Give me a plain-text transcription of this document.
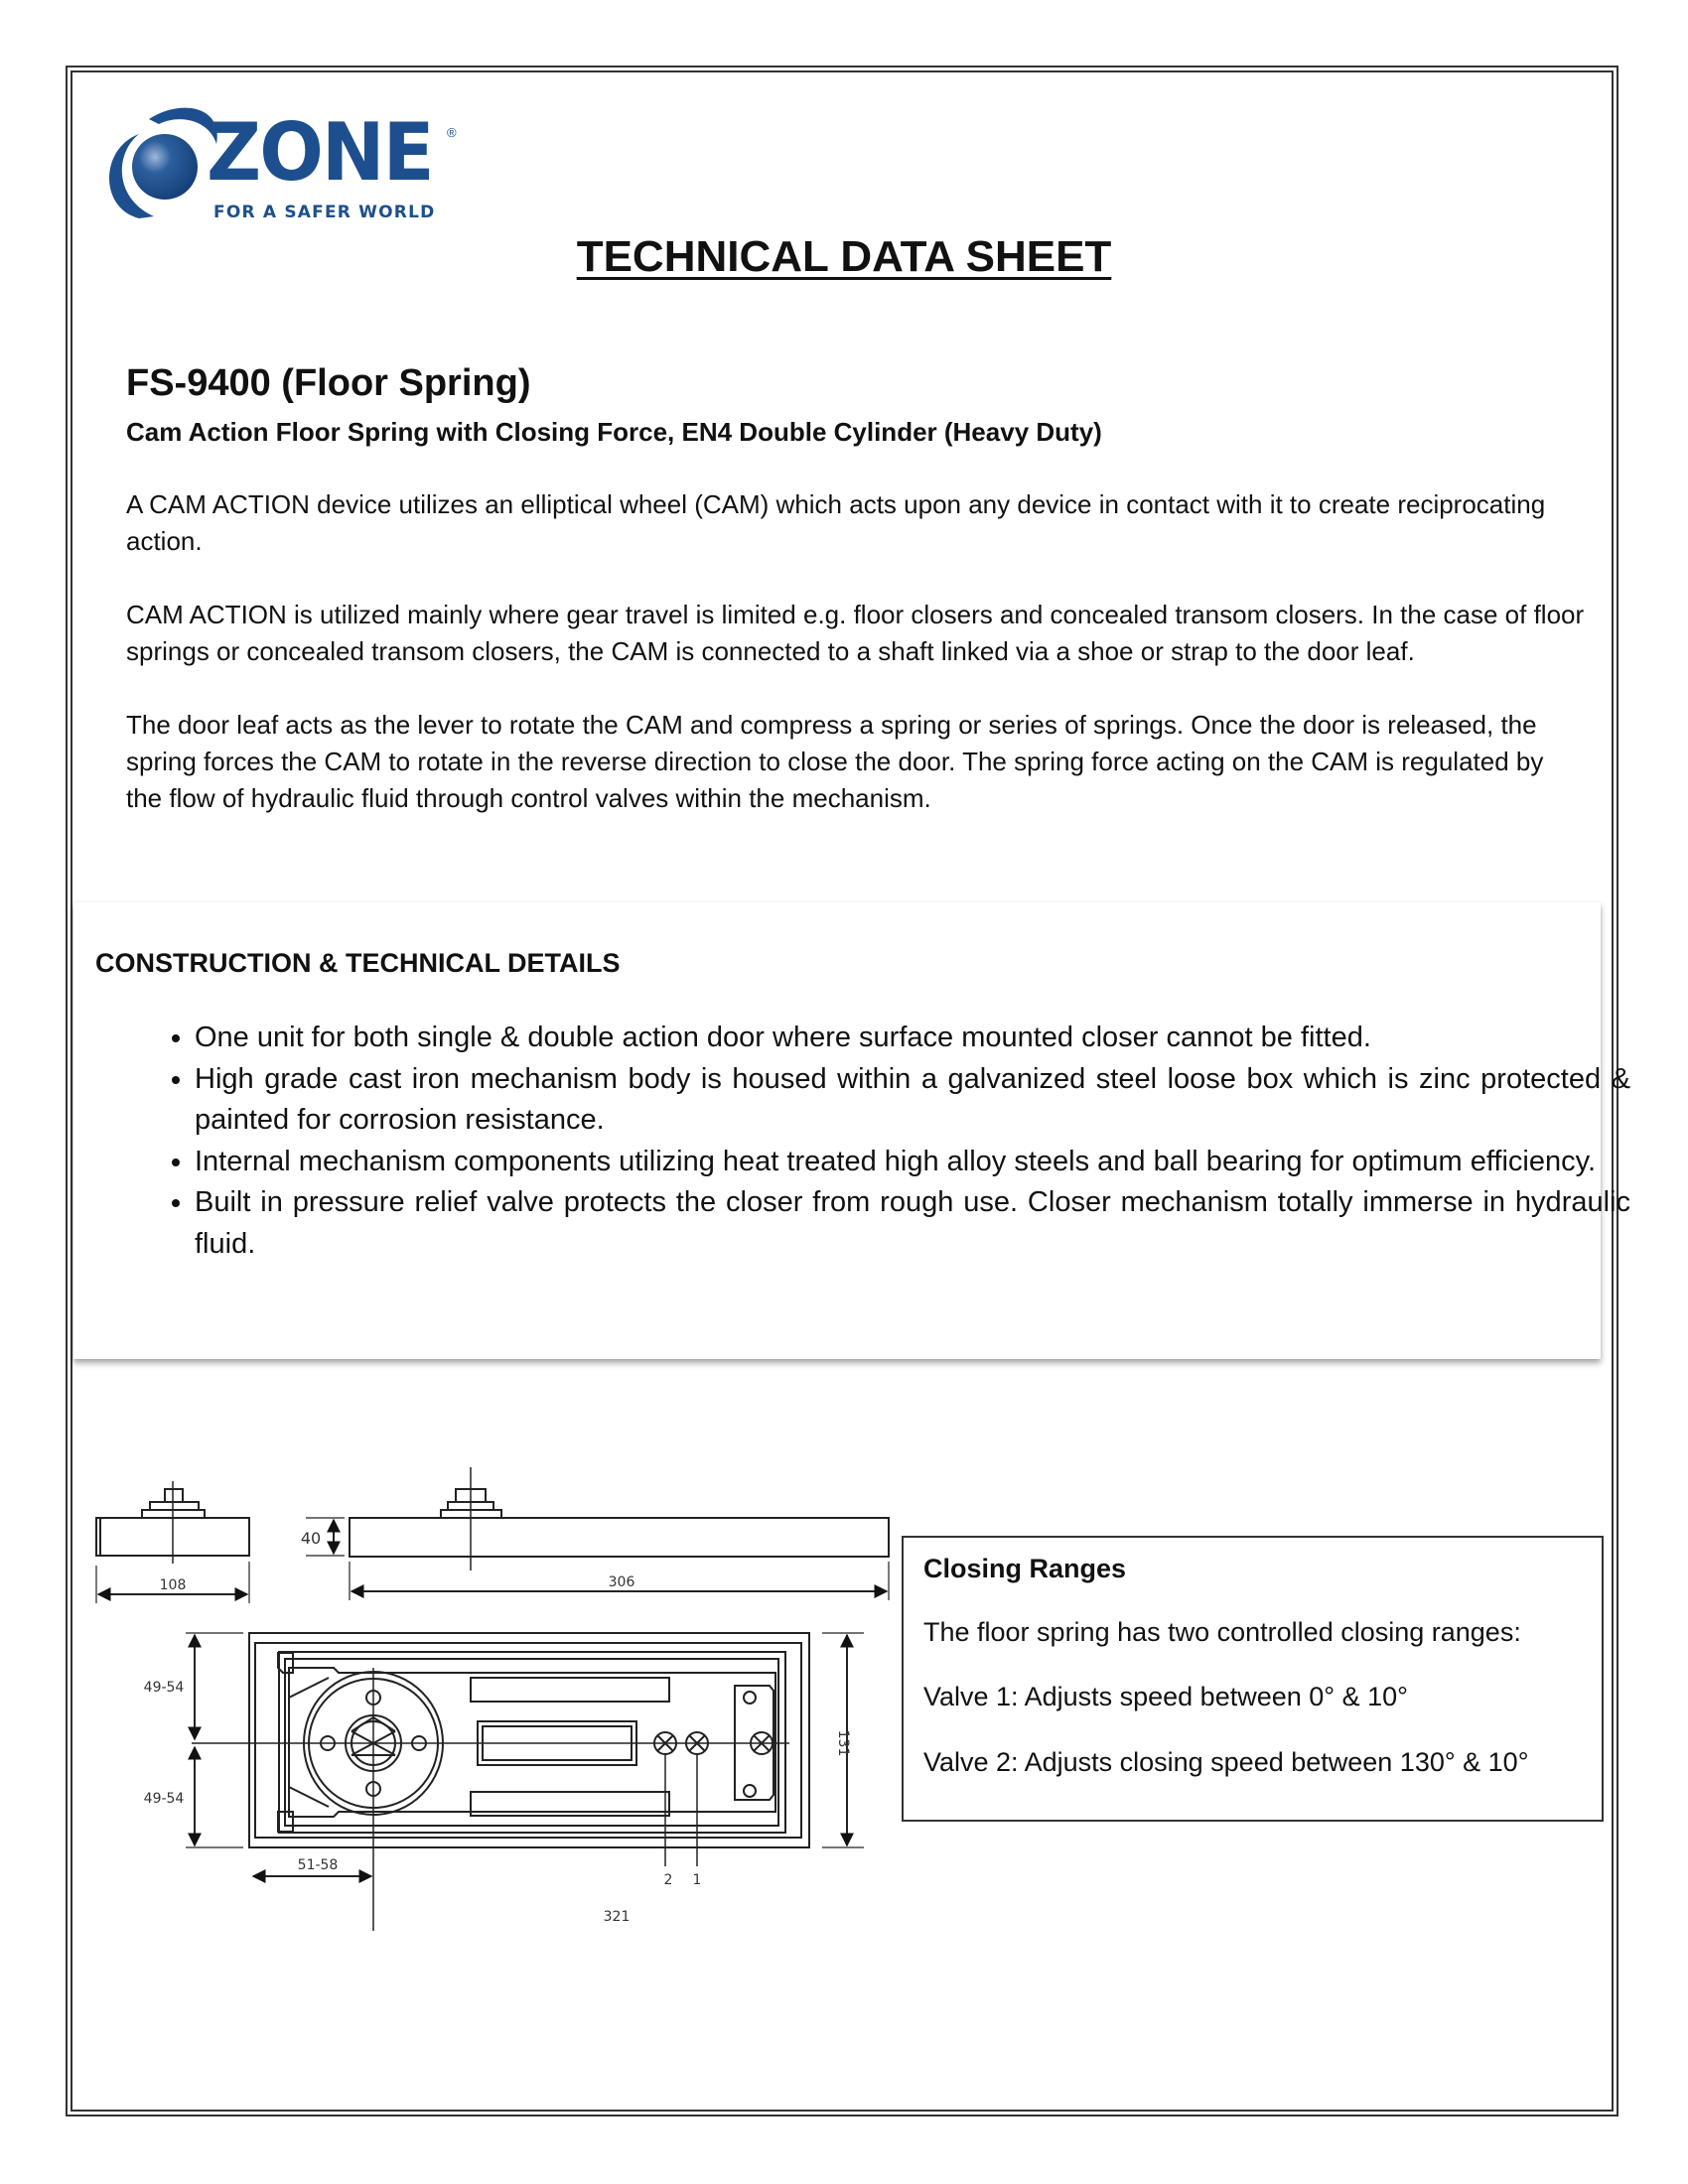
ZONE ®
FOR A SAFER WORLD
TECHNICAL DATA SHEET
FS-9400 (Floor Spring)
Cam Action Floor Spring with Closing Force, EN4 Double Cylinder (Heavy Duty)

A CAM ACTION device utilizes an elliptical wheel (CAM) which acts upon any device in contact with it to create reciprocating action.

CAM ACTION is utilized mainly where gear travel is limited e.g. floor closers and concealed transom closers. In the case of floor springs or concealed transom closers, the CAM is connected to a shaft linked via a shoe or strap to the door leaf.

The door leaf acts as the lever to rotate the CAM and compress a spring or series of springs. Once the door is released, the spring forces the CAM to rotate in the reverse direction to close the door. The spring force acting on the CAM is regulated by the flow of hydraulic fluid through control valves within the mechanism.

CONSTRUCTION & TECHNICAL DETAILS
• One unit for both single & double action door where surface mounted closer cannot be fitted.
• High grade cast iron mechanism body is housed within a galvanized steel loose box which is zinc protected & painted for corrosion resistance.
• Internal mechanism components utilizing heat treated high alloy steels and ball bearing for optimum efficiency.
• Built in pressure relief valve protects the closer from rough use. Closer mechanism totally immerse in hydraulic fluid.
108
40
306
49-54
49-54
51-58
131
321
2 1
Closing Ranges
The floor spring has two controlled closing ranges:
Valve 1: Adjusts speed between 0° & 10°
Valve 2: Adjusts closing speed between 130° & 10°
